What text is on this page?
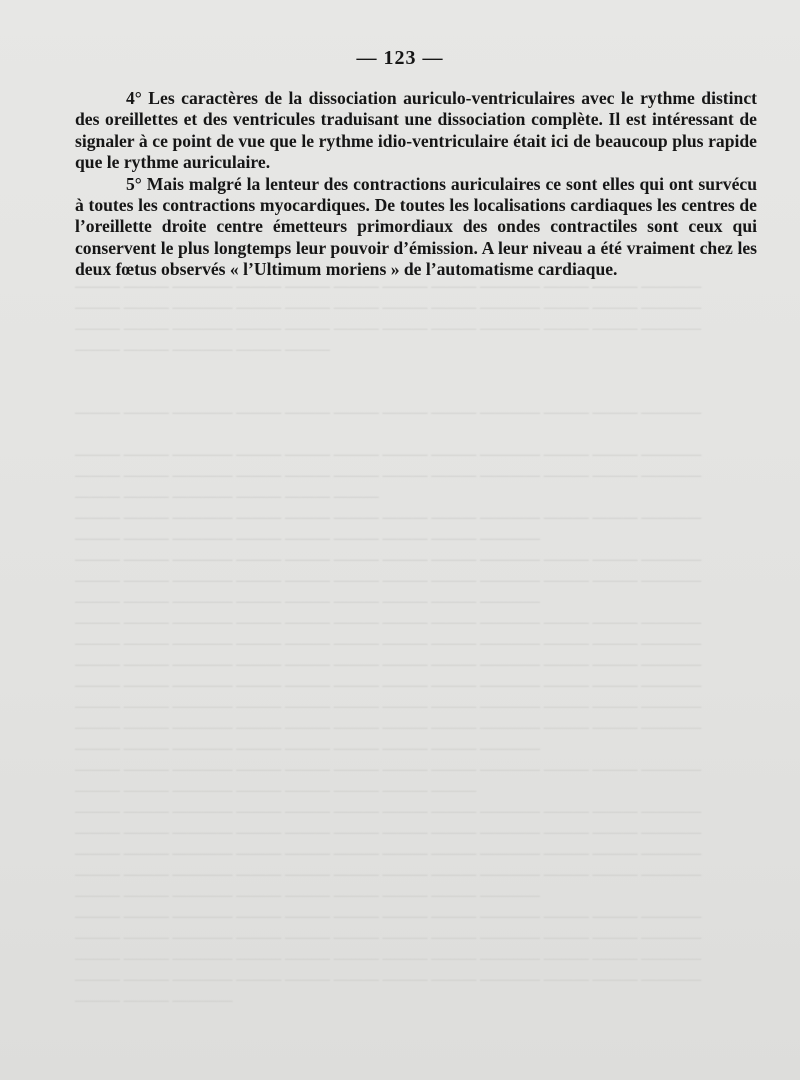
——— ——— ———— ——— ——— ——— ——— ——— ———— ——— ——— ————
——— ——— ———— ——— ——— ——— ——— ——— ———— ——— ——— ————
——— ——— ———— ——— ——— ——— ——— ——— ———— ——— ——— ————
——— ——— ———— ——— ———

——— ——— ———— ——— ——— ——— ——— ——— ———— ——— ——— ————

——— ——— ———— ——— ——— ——— ——— ——— ———— ——— ——— ————
——— ——— ———— ——— ——— ——— ——— ——— ———— ——— ——— ————
——— ——— ———— ——— ——— ———
——— ——— ———— ——— ——— ——— ——— ——— ———— ——— ——— ————
——— ——— ———— ——— ——— ——— ——— ——— ————
——— ——— ———— ——— ——— ——— ——— ——— ———— ——— ——— ————
——— ——— ———— ——— ——— ——— ——— ——— ———— ——— ——— ————
——— ——— ———— ——— ——— ——— ——— ——— ————
——— ——— ———— ——— ——— ——— ——— ——— ———— ——— ——— ————
——— ——— ———— ——— ——— ——— ——— ——— ———— ——— ——— ————
——— ——— ———— ——— ——— ——— ——— ——— ———— ——— ——— ————
——— ——— ———— ——— ——— ——— ——— ——— ———— ——— ——— ————
——— ——— ———— ——— ——— ——— ——— ——— ———— ——— ——— ————
——— ——— ———— ——— ——— ——— ——— ——— ———— ——— ——— ————
——— ——— ———— ——— ——— ——— ——— ——— ————
——— ——— ———— ——— ——— ——— ——— ——— ———— ——— ——— ————
——— ——— ———— ——— ——— ——— ——— ———
——— ——— ———— ——— ——— ——— ——— ——— ———— ——— ——— ————
——— ——— ———— ——— ——— ——— ——— ——— ———— ——— ——— ————
——— ——— ———— ——— ——— ——— ——— ——— ———— ——— ——— ————
——— ——— ———— ——— ——— ——— ——— ——— ———— ——— ——— ————
——— ——— ———— ——— ——— ——— ——— ——— ————
——— ——— ———— ——— ——— ——— ——— ——— ———— ——— ——— ————
——— ——— ———— ——— ——— ——— ——— ——— ———— ——— ——— ————
——— ——— ———— ——— ——— ——— ——— ——— ———— ——— ——— ————
——— ——— ———— ——— ——— ——— ——— ——— ———— ——— ——— ————
——— ——— ————
— 123 —

4° Les caractères de la dissociation auriculo-ventriculaires avec le rythme distinct des oreillettes et des ventricules traduisant une dissociation complète. Il est intéressant de signaler à ce point de vue que le rythme idio-ventriculaire était ici de beaucoup plus rapide que le rythme auriculaire.

5° Mais malgré la lenteur des contractions auriculaires ce sont elles qui ont survécu à toutes les contractions myocardiques. De toutes les localisations cardiaques les centres de l’oreillette droite centre émetteurs primordiaux des ondes contractiles sont ceux qui conservent le plus longtemps leur pouvoir d’émission. A leur niveau a été vraiment chez les deux fœtus observés « l’Ultimum moriens » de l’automatisme cardiaque.
